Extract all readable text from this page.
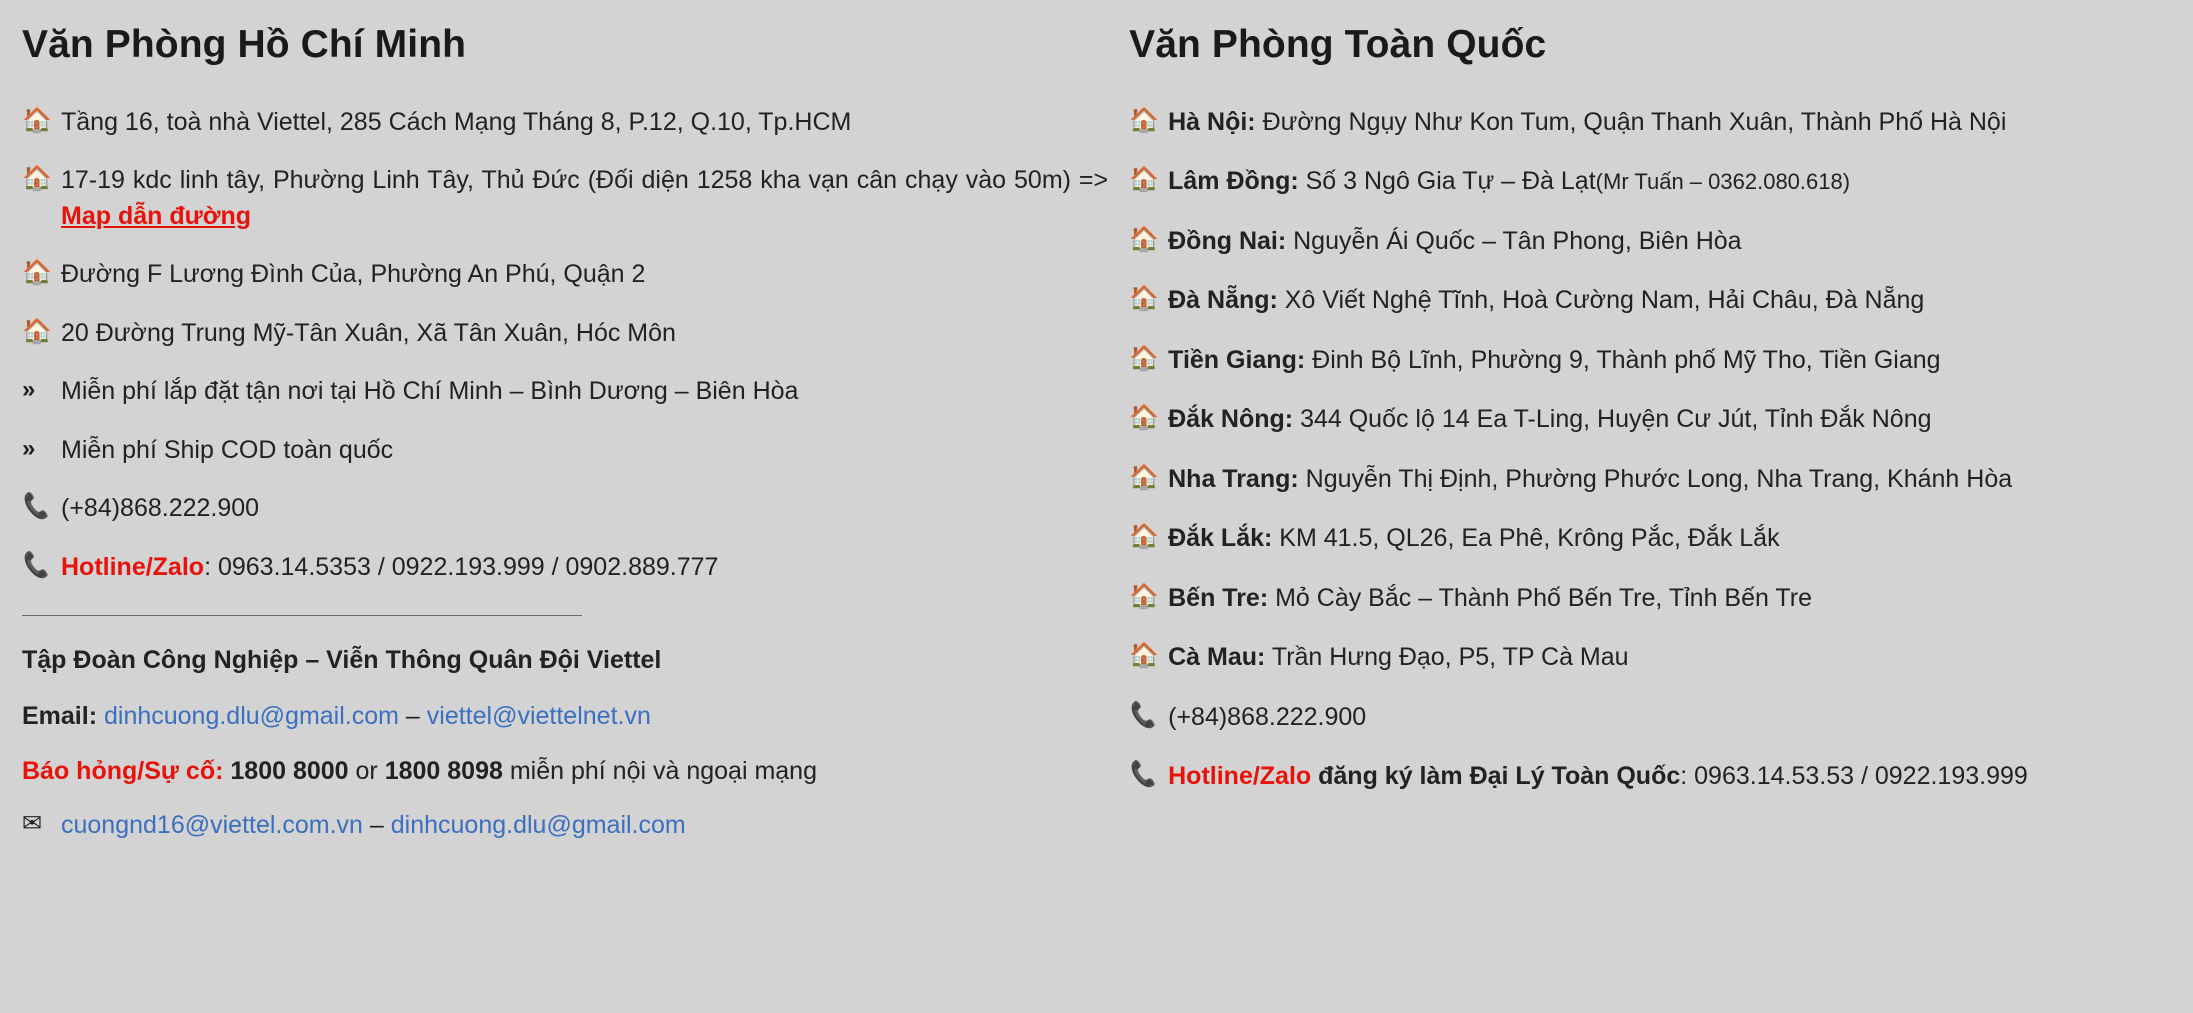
Văn Phòng Hồ Chí Minh
🏠 Tầng 16, toà nhà Viettel, 285 Cách Mạng Tháng 8, P.12, Q.10, Tp.HCM
🏠 17-19 kdc linh tây, Phường Linh Tây, Thủ Đức (Đối diện 1258 kha vạn cân chạy vào 50m) => Map dẫn đường
🏠 Đường F Lương Đình Của, Phường An Phú, Quận 2
🏠 20 Đường Trung Mỹ-Tân Xuân, Xã Tân Xuân, Hóc Môn
»	Miễn phí lắp đặt tận nơi tại Hồ Chí Minh – Bình Dương – Biên Hòa
»	Miễn phí Ship COD toàn quốc
📞 (+84)868.222.900
📞 Hotline/Zalo: 0963.14.5353 / 0922.193.999 / 0902.889.777
Tập Đoàn Công Nghiệp – Viễn Thông Quân Đội Viettel
Email: dinhcuong.dlu@gmail.com – viettel@viettelnet.vn
Báo hỏng/Sự cố: 1800 8000 or 1800 8098 miễn phí nội và ngoại mạng
✉ cuongnd16@viettel.com.vn – dinhcuong.dlu@gmail.com
Văn Phòng Toàn Quốc
🏠 Hà Nội: Đường Ngụy Như Kon Tum, Quận Thanh Xuân, Thành Phố Hà Nội
🏠 Lâm Đồng: Số 3 Ngô Gia Tự – Đà Lạt(Mr Tuấn – 0362.080.618)
🏠 Đồng Nai: Nguyễn Ái Quốc – Tân Phong, Biên Hòa
🏠 Đà Nẵng: Xô Viết Nghệ Tĩnh, Hoà Cường Nam, Hải Châu, Đà Nẵng
🏠 Tiền Giang: Đinh Bộ Lĩnh, Phường 9, Thành phố Mỹ Tho, Tiền Giang
🏠 Đắk Nông: 344 Quốc lộ 14 Ea T-Ling, Huyện Cư Jút, Tỉnh Đắk Nông
🏠 Nha Trang: Nguyễn Thị Định, Phường Phước Long, Nha Trang, Khánh Hòa
🏠 Đắk Lắk: KM 41.5, QL26, Ea Phê, Krông Pắc, Đắk Lắk
🏠 Bến Tre: Mỏ Cày Bắc – Thành Phố Bến Tre, Tỉnh Bến Tre
🏠 Cà Mau: Trần Hưng Đạo, P5, TP Cà Mau
📞 (+84)868.222.900
📞 Hotline/Zalo đăng ký làm Đại Lý Toàn Quốc: 0963.14.53.53 / 0922.193.999
